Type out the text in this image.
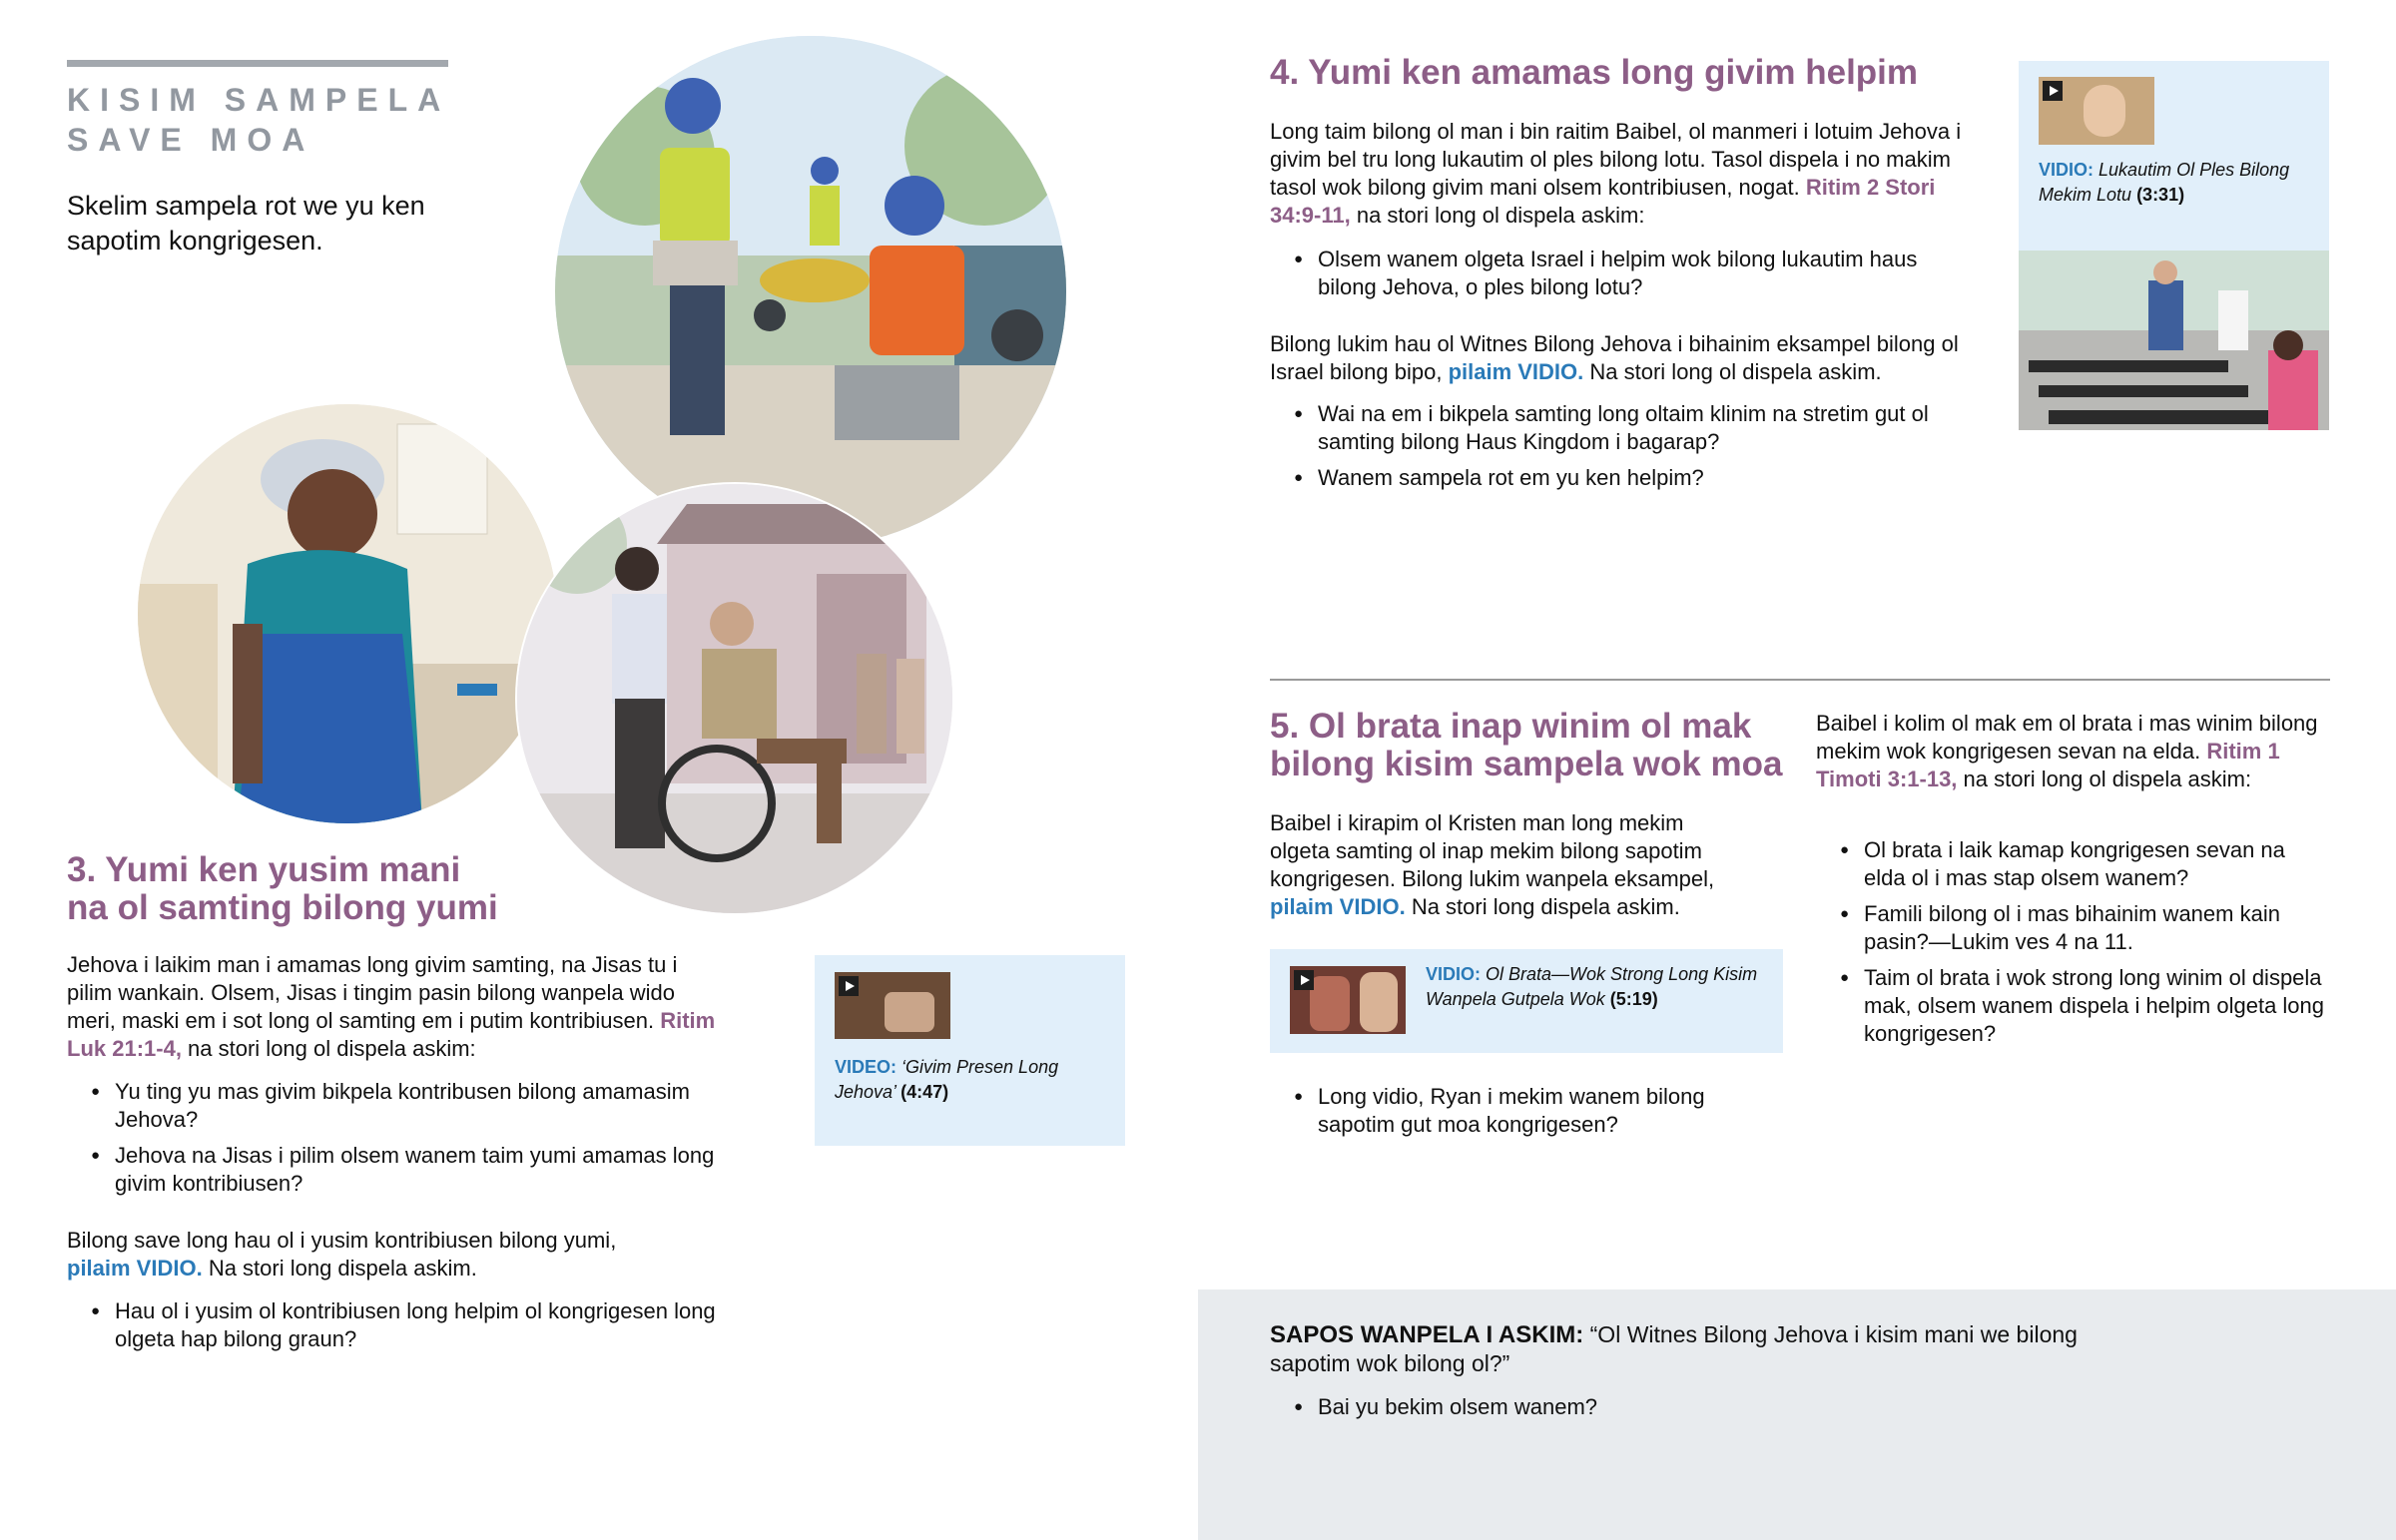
KISIM SAMPELA
SAVE MOA
Skelim sampela rot we yu ken sapotim kongrigesen.
3. Yumi ken yusim mani na ol samting bilong yumi
Jehova i laikim man i amamas long givim samting, na Jisas tu i pilim wankain. Olsem, Jisas i tingim pasin bilong wanpela wido meri, maski em i sot long ol samting em i putim kontribiusen. Ritim Luk 21:1-4, na stori long ol dispela askim:
● Yu ting yu mas givim bikpela kontribusen bilong amamasim Jehova?
● Jehova na Jisas i pilim olsem wanem taim yumi amamas long givim kontribiusen?
Bilong save long hau ol i yusim kontribiusen bilong yumi,
pilaim VIDIO. Na stori long dispela askim.
● Hau ol i yusim ol kontribiusen long helpim ol kongrigesen long olgeta hap bilong graun?
VIDEO: ‘Givim Presen Long Jehova’ (4:47)
4. Yumi ken amamas long givim helpim
Long taim bilong ol man i bin raitim Baibel, ol manmeri i lotuim Jehova i givim bel tru long lukautim ol ples bilong lotu. Tasol dispela i no makim tasol wok bilong givim mani olsem kontribiusen, nogat. Ritim 2 Stori 34:9-11, na stori long ol dispela askim:
● Olsem wanem olgeta Israel i helpim wok bilong lukautim haus bilong Jehova, o ples bilong lotu?
Bilong lukim hau ol Witnes Bilong Jehova i bihainim eksampel bilong ol Israel bilong bipo, pilaim VIDIO. Na stori long ol dispela askim.
● Wai na em i bikpela samting long oltaim klinim na stretim gut ol samting bilong Haus Kingdom i bagarap?
● Wanem sampela rot em yu ken helpim?
VIDIO: Lukautim Ol Ples Bilong Mekim Lotu (3:31)
5. Ol brata inap winim ol mak bilong kisim sampela wok moa
Baibel i kirapim ol Kristen man long mekim olgeta samting ol inap mekim bilong sapotim kongrigesen. Bilong lukim wanpela eksampel, pilaim VIDIO. Na stori long dispela askim.
VIDIO: Ol Brata—Wok Strong Long Kisim Wanpela Gutpela Wok (5:19)
● Long vidio, Ryan i mekim wanem bilong sapotim gut moa kongrigesen?
Baibel i kolim ol mak em ol brata i mas winim bilong mekim wok kongrigesen sevan na elda. Ritim 1 Timoti 3:1-13, na stori long ol dispela askim:
● Ol brata i laik kamap kongrigesen sevan na elda ol i mas stap olsem wanem?
● Famili bilong ol i mas bihainim wanem kain pasin?—Lukim ves 4 na 11.
● Taim ol brata i wok strong long winim ol dispela mak, olsem wanem dispela i helpim olgeta long kongrigesen?
SAPOS WANPELA I ASKIM: “Ol Witnes Bilong Jehova i kisim mani we bilong sapotim wok bilong ol?”
● Bai yu bekim olsem wanem?
